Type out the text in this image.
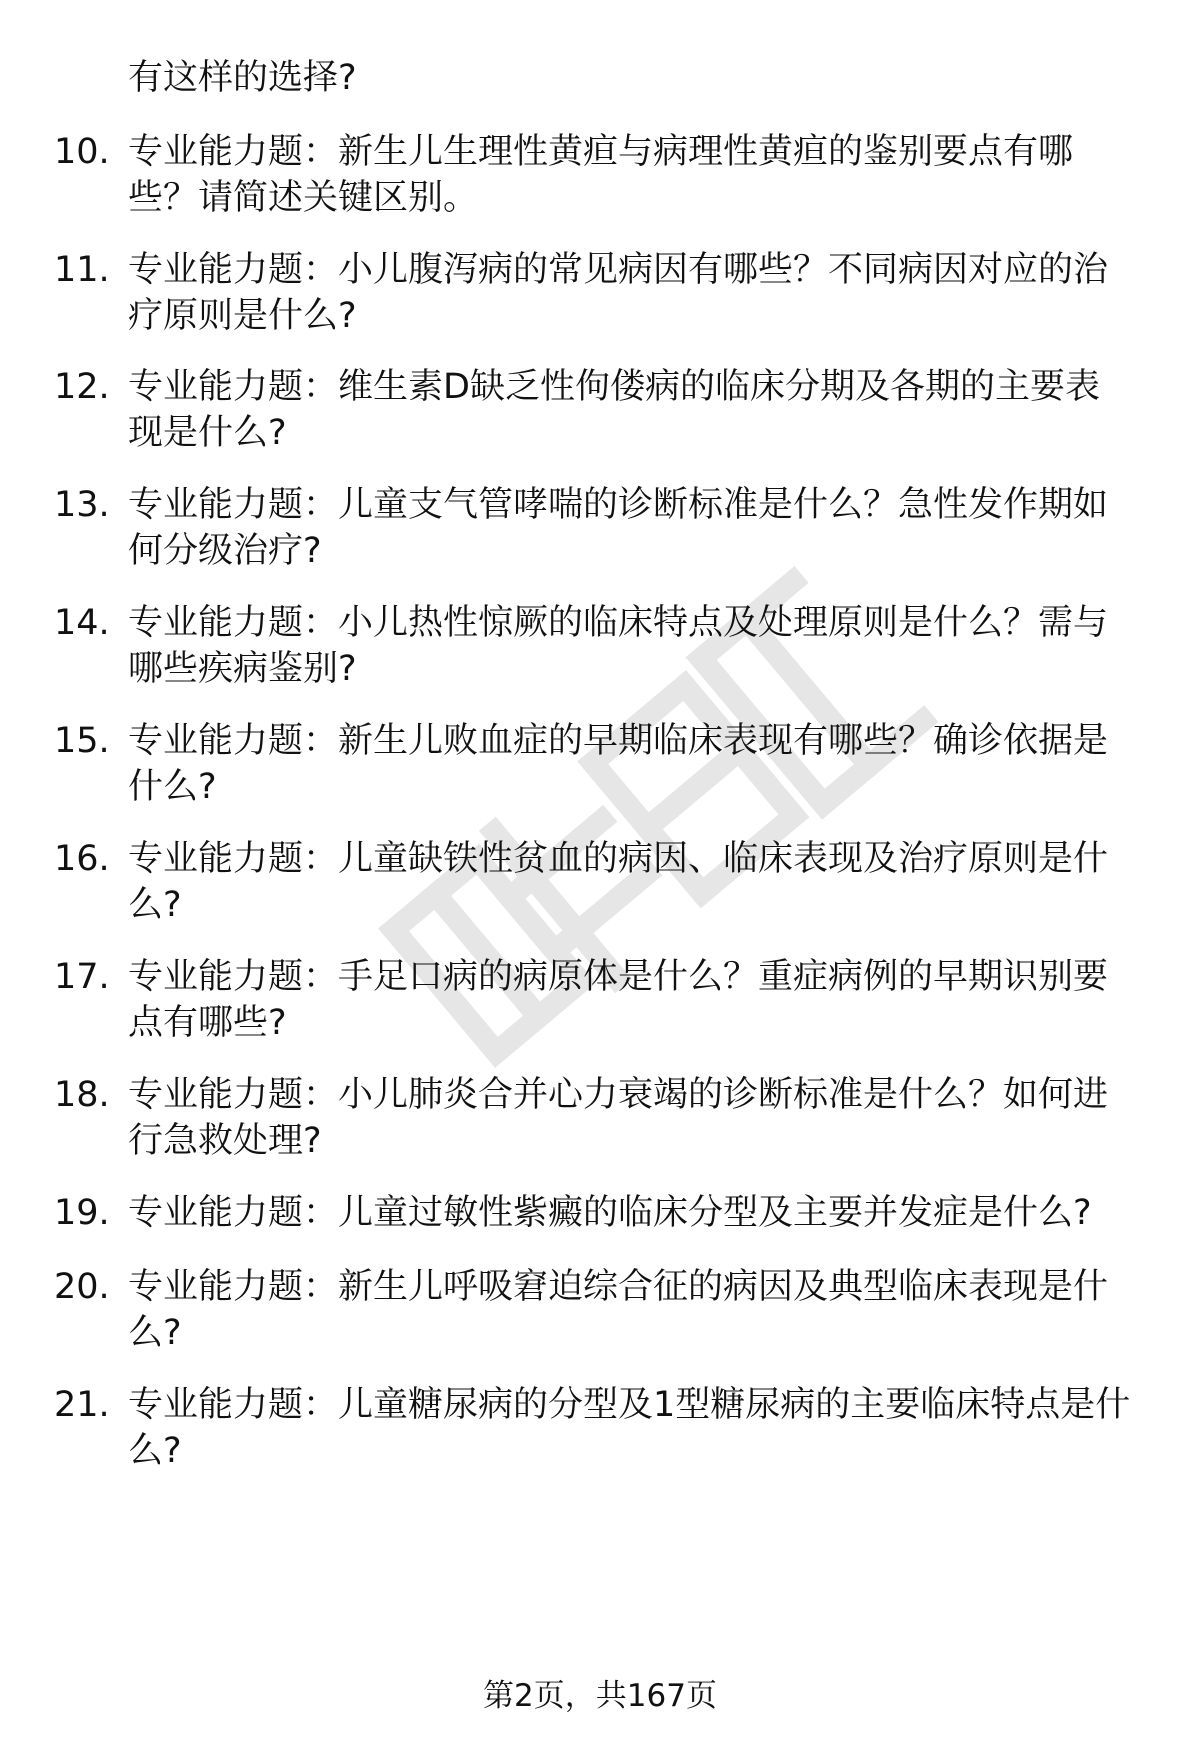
有这样的选择?
10. 专业能力题：新生儿生理性黄疸与病理性黄疸的鉴别要点有哪
些？请简述关键区别。
11. 专业能力题：小儿腹泻病的常见病因有哪些？不同病因对应的治
疗原则是什么?
12. 专业能力题：维生素D缺乏性佝偻病的临床分期及各期的主要表
现是什么?
13. 专业能力题：儿童支气管哮喘的诊断标准是什么？急性发作期如
何分级治疗?
14. 专业能力题：小儿热性惊厥的临床特点及处理原则是什么？需与
哪些疾病鉴别?
15. 专业能力题：新生儿败血症的早期临床表现有哪些？确诊依据是
什么?
16. 专业能力题：儿童缺铁性贫血的病因、临床表现及治疗原则是什
么?
17. 专业能力题：手足口病的病原体是什么？重症病例的早期识别要
点有哪些?
18. 专业能力题：小儿肺炎合并心力衰竭的诊断标准是什么？如何进
行急救处理?
19. 专业能力题：儿童过敏性紫癜的临床分型及主要并发症是什么?
20. 专业能力题：新生儿呼吸窘迫综合征的病因及典型临床表现是什
么?
21. 专业能力题：儿童糖尿病的分型及1型糖尿病的主要临床特点是什
么?
第2页，共167页
